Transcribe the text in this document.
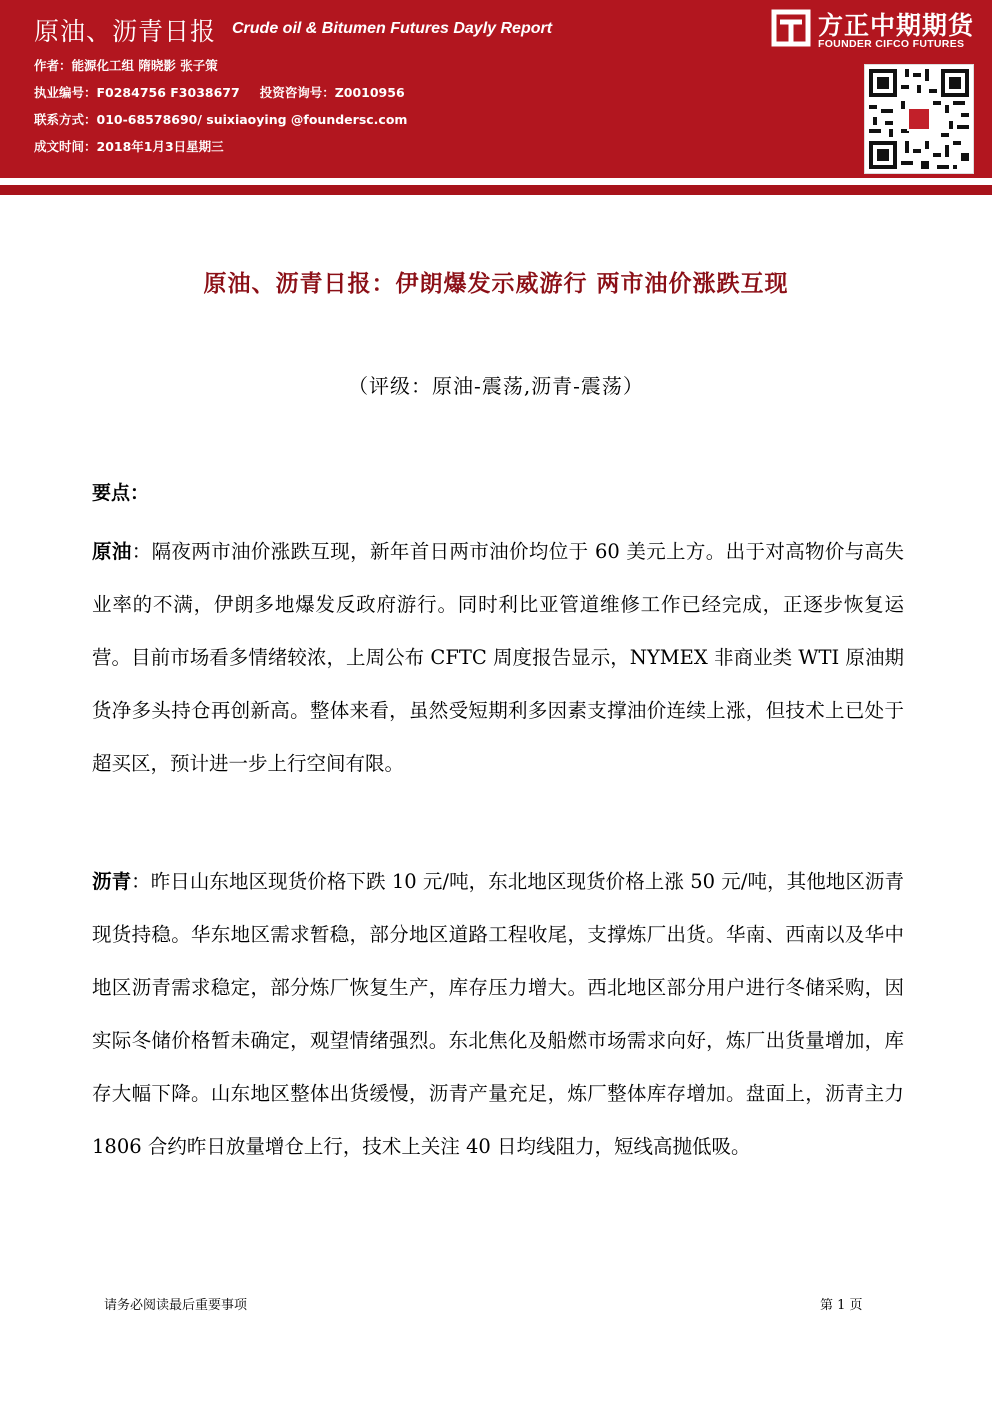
原油、沥青日报 Crude oil & Bitumen Futures Dayly Report
作者：能源化工组 隋晓影 张子策
执业编号：F0284756 F3038677 投资咨询号：Z0010956
联系方式：010-68578690/ suixiaoying @foundersc.com
成文时间：2018年1月3日星期三
方正中期期货
FOUNDER CIFCO FUTURES
原油、沥青日报：伊朗爆发示威游行 两市油价涨跌互现
（评级：原油-震荡,沥青-震荡）
要点：
原油：隔夜两市油价涨跌互现，新年首日两市油价均位于 60 美元上方。出于对高物价与高失业率的不满，伊朗多地爆发反政府游行。同时利比亚管道维修工作已经完成，正逐步恢复运营。目前市场看多情绪较浓，上周公布 CFTC 周度报告显示，NYMEX 非商业类 WTI 原油期货净多头持仓再创新高。整体来看，虽然受短期利多因素支撑油价连续上涨，但技术上已处于超买区，预计进一步上行空间有限。
沥青：昨日山东地区现货价格下跌 10 元/吨，东北地区现货价格上涨 50 元/吨，其他地区沥青现货持稳。华东地区需求暂稳，部分地区道路工程收尾，支撑炼厂出货。华南、西南以及华中地区沥青需求稳定，部分炼厂恢复生产，库存压力增大。西北地区部分用户进行冬储采购，因实际冬储价格暂未确定，观望情绪强烈。东北焦化及船燃市场需求向好，炼厂出货量增加，库存大幅下降。山东地区整体出货缓慢，沥青产量充足，炼厂整体库存增加。盘面上，沥青主力 1806 合约昨日放量增仓上行，技术上关注 40 日均线阻力，短线高抛低吸。
请务必阅读最后重要事项	第 1 页
